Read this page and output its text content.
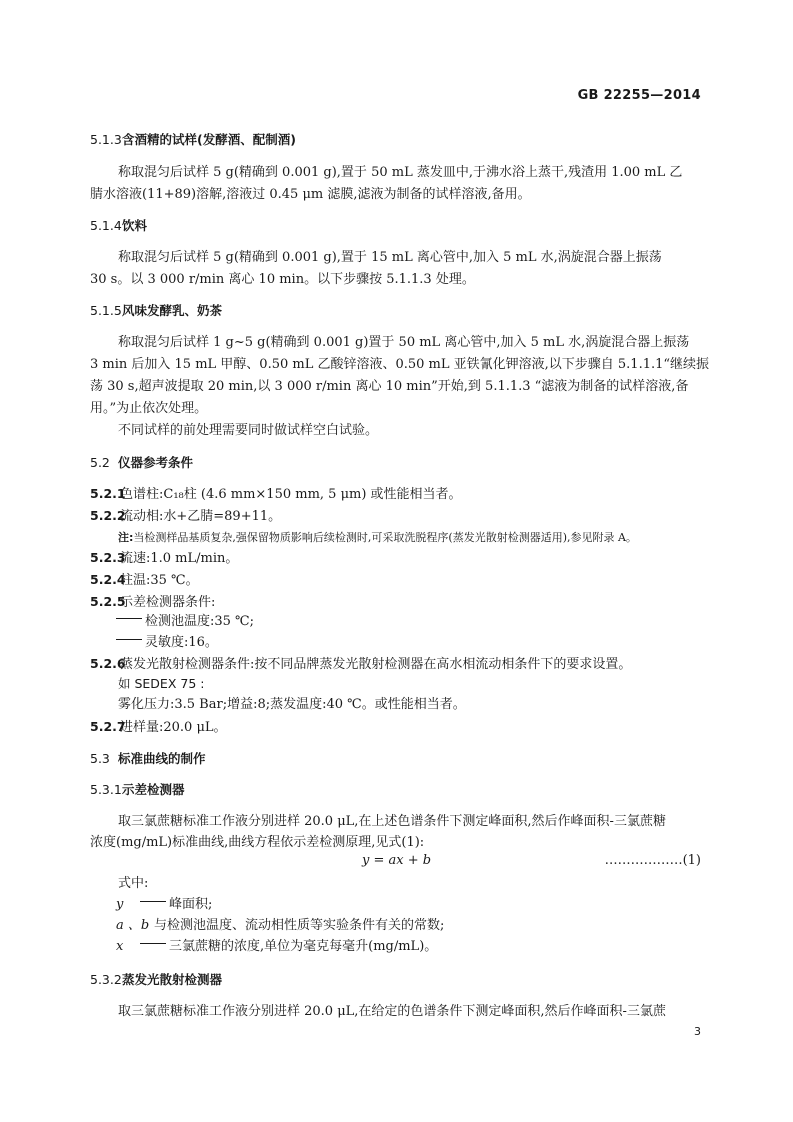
GB 22255—2014
5.1.3含酒精的试样(发酵酒、配制酒)
称取混匀后试样 5 g(精确到 0.001 g),置于 50 mL 蒸发皿中,于沸水浴上蒸干,残渣用 1.00 mL 乙
腈水溶液(11+89)溶解,溶液过 0.45 μm 滤膜,滤液为制备的试样溶液,备用。
5.1.4饮料
称取混匀后试样 5 g(精确到 0.001 g),置于 15 mL 离心管中,加入 5 mL 水,涡旋混合器上振荡
30 s。以 3 000 r/min 离心 10 min。以下步骤按 5.1.1.3 处理。
5.1.5风味发酵乳、奶茶
称取混匀后试样 1 g~5 g(精确到 0.001 g)置于 50 mL 离心管中,加入 5 mL 水,涡旋混合器上振荡
3 min 后加入 15 mL 甲醇、0.50 mL 乙酸锌溶液、0.50 mL 亚铁氰化钾溶液,以下步骤自 5.1.1.1“继续振
荡 30 s,超声波提取 20 min,以 3 000 r/min 离心 10 min”开始,到 5.1.1.3 “滤液为制备的试样溶液,备
用。”为止依次处理。
不同试样的前处理需要同时做试样空白试验。
5.2 仪器参考条件
5.2.1色谱柱:C₁₈柱 (4.6 mm×150 mm, 5 μm) 或性能相当者。
5.2.2流动相:水+乙腈=89+11。
注:当检测样品基质复杂,强保留物质影响后续检测时,可采取洗脱程序(蒸发光散射检测器适用),参见附录 A。
5.2.3流速:1.0 mL/min。
5.2.4柱温:35 ℃。
5.2.5示差检测器条件:
检测池温度:35 ℃;
灵敏度:16。
5.2.6蒸发光散射检测器条件:按不同品牌蒸发光散射检测器在高水相流动相条件下的要求设置。
如 SEDEX 75 :
雾化压力:3.5 Bar;增益:8;蒸发温度:40 ℃。或性能相当者。
5.2.7进样量:20.0 μL。
5.3 标准曲线的制作
5.3.1示差检测器
取三氯蔗糖标准工作液分别进样 20.0 μL,在上述色谱条件下测定峰面积,然后作峰面积-三氯蔗糖
浓度(mg/mL)标准曲线,曲线方程依示差检测原理,见式(1):
y = ax + b	………………(1)
式中:
y	峰面积;
a 、b 与检测池温度、流动相性质等实验条件有关的常数;
x	三氯蔗糖的浓度,单位为毫克每毫升(mg/mL)。
5.3.2蒸发光散射检测器
取三氯蔗糖标准工作液分别进样 20.0 μL,在给定的色谱条件下测定峰面积,然后作峰面积-三氯蔗
3
